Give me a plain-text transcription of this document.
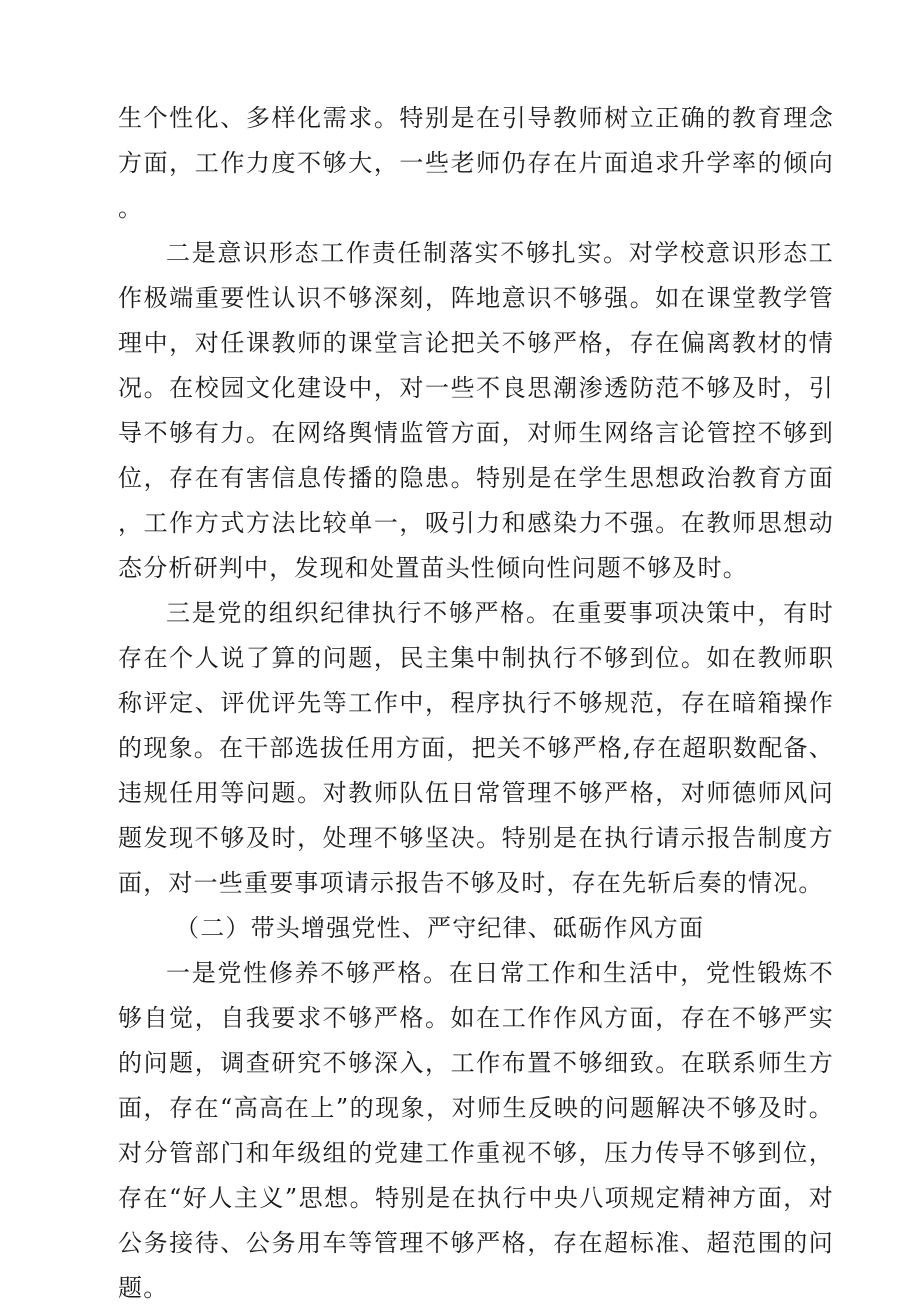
生个性化、多样化需求。特别是在引导教师树立正确的教育理念方面，工作力度不够大，一些老师仍存在片面追求升学率的倾向。

二是意识形态工作责任制落实不够扎实。对学校意识形态工作极端重要性认识不够深刻，阵地意识不够强。如在课堂教学管理中，对任课教师的课堂言论把关不够严格，存在偏离教材的情况。在校园文化建设中，对一些不良思潮渗透防范不够及时，引导不够有力。在网络舆情监管方面，对师生网络言论管控不够到位，存在有害信息传播的隐患。特别是在学生思想政治教育方面，工作方式方法比较单一，吸引力和感染力不强。在教师思想动态分析研判中，发现和处置苗头性倾向性问题不够及时。

三是党的组织纪律执行不够严格。在重要事项决策中，有时存在个人说了算的问题，民主集中制执行不够到位。如在教师职称评定、评优评先等工作中，程序执行不够规范，存在暗箱操作的现象。在干部选拔任用方面，把关不够严格,存在超职数配备、违规任用等问题。对教师队伍日常管理不够严格，对师德师风问题发现不够及时，处理不够坚决。特别是在执行请示报告制度方面，对一些重要事项请示报告不够及时，存在先斩后奏的情况。

（二）带头增强党性、严守纪律、砥砺作风方面

一是党性修养不够严格。在日常工作和生活中，党性锻炼不够自觉，自我要求不够严格。如在工作作风方面，存在不够严实的问题，调查研究不够深入，工作布置不够细致。在联系师生方面，存在“高高在上”的现象，对师生反映的问题解决不够及时。对分管部门和年级组的党建工作重视不够，压力传导不够到位，存在“好人主义”思想。特别是在执行中央八项规定精神方面，对公务接待、公务用车等管理不够严格，存在超标准、超范围的问题。
